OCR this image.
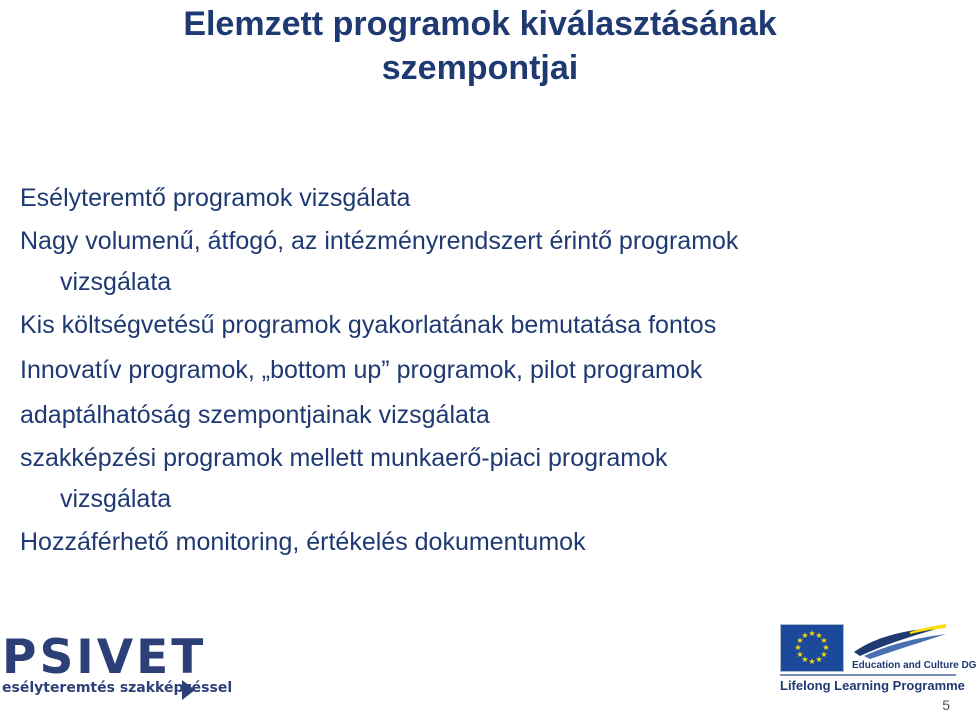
Elemzett programok kiválasztásának
szempontjai
Esélyteremtő programok vizsgálata
Nagy volumenű, átfogó, az intézményrendszert érintő programok
vizsgálata
Kis költségvetésű programok gyakorlatának bemutatása fontos
Innovatív programok, „bottom up” programok, pilot programok
adaptálhatóság szempontjainak vizsgálata
szakképzési programok mellett munkaerő-piaci programok
vizsgálata
Hozzáférhető monitoring, értékelés dokumentumok
PSIVET
esélyteremtés szakképzéssel
★ ★
★
★
★
★
★
★
★
★
★
★
Education and Culture DG
Lifelong Learning Programme
5
